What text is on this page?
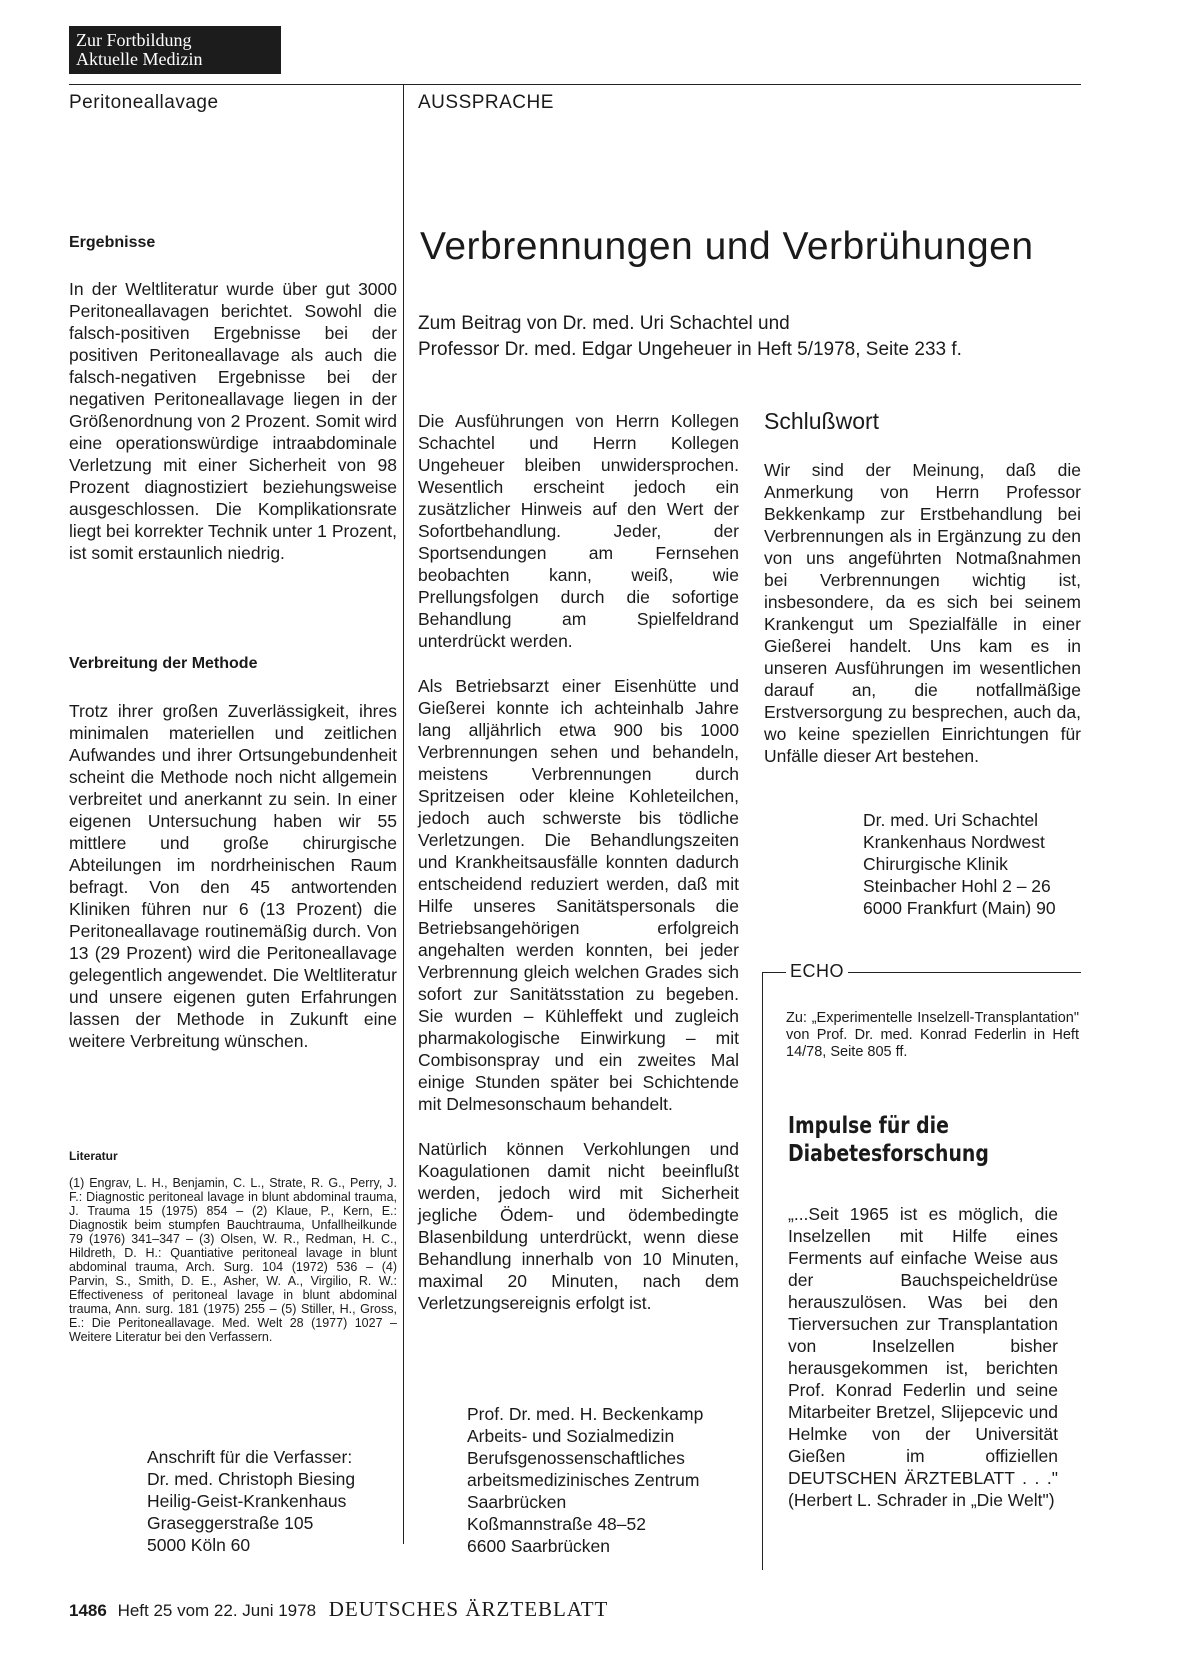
Zur Fortbildung
Aktuelle Medizin
Peritoneallavage	AUSSPRACHE
Ergebnisse

In der Weltliteratur wurde über gut 3000 Peritoneallavagen berichtet. Sowohl die falsch-positiven Ergebnisse bei der positiven Peritoneallavage als auch die falsch-negativen Ergebnisse bei der negativen Peritoneallavage liegen in der Größenordnung von 2 Prozent. Somit wird eine operationswürdige intraabdominale Verletzung mit einer Sicherheit von 98 Prozent diagnostiziert beziehungsweise ausgeschlossen. Die Komplikationsrate liegt bei korrekter Technik unter 1 Prozent, ist somit erstaunlich niedrig.

Verbreitung der Methode

Trotz ihrer großen Zuverlässigkeit, ihres minimalen materiellen und zeitlichen Aufwandes und ihrer Ortsungebundenheit scheint die Methode noch nicht allgemein verbreitet und anerkannt zu sein. In einer eigenen Untersuchung haben wir 55 mittlere und große chirurgische Abteilungen im nordrheinischen Raum befragt. Von den 45 antwortenden Kliniken führen nur 6 (13 Prozent) die Peritoneallavage routinemäßig durch. Von 13 (29 Prozent) wird die Peritoneallavage gelegentlich angewendet. Die Weltliteratur und unsere eigenen guten Erfahrungen lassen der Methode in Zukunft eine weitere Verbreitung wünschen.

Literatur

(1) Engrav, L. H., Benjamin, C. L., Strate, R. G., Perry, J. F.: Diagnostic peritoneal lavage in blunt abdominal trauma, J. Trauma 15 (1975) 854 – (2) Klaue, P., Kern, E.: Diagnostik beim stumpfen Bauchtrauma, Unfallheilkunde 79 (1976) 341–347 – (3) Olsen, W. R., Redman, H. C., Hildreth, D. H.: Quantiative peritoneal lavage in blunt abdominal trauma, Arch. Surg. 104 (1972) 536 – (4) Parvin, S., Smith, D. E., Asher, W. A., Virgilio, R. W.: Effectiveness of peritoneal lavage in blunt abdominal trauma, Ann. surg. 181 (1975) 255 – (5) Stiller, H., Gross, E.: Die Peritoneallavage. Med. Welt 28 (1977) 1027 – Weitere Literatur bei den Verfassern.

Anschrift für die Verfasser:
Dr. med. Christoph Biesing
Heilig-Geist-Krankenhaus
Graseggerstraße 105
5000 Köln 60
Verbrennungen und Verbrühungen
Zum Beitrag von Dr. med. Uri Schachtel und
Professor Dr. med. Edgar Ungeheuer in Heft 5/1978, Seite 233 f.

Die Ausführungen von Herrn Kollegen Schachtel und Herrn Kollegen Ungeheuer bleiben unwidersprochen. Wesentlich erscheint jedoch ein zusätzlicher Hinweis auf den Wert der Sofortbehandlung. Jeder, der Sportsendungen am Fernsehen beobachten kann, weiß, wie Prellungsfolgen durch die sofortige Behandlung am Spielfeldrand unterdrückt werden.

Als Betriebsarzt einer Eisenhütte und Gießerei konnte ich achteinhalb Jahre lang alljährlich etwa 900 bis 1000 Verbrennungen sehen und behandeln, meistens Verbrennungen durch Spritzeisen oder kleine Kohleteilchen, jedoch auch schwerste bis tödliche Verletzungen. Die Behandlungszeiten und Krankheitsausfälle konnten dadurch entscheidend reduziert werden, daß mit Hilfe unseres Sanitätspersonals die Betriebsangehörigen erfolgreich angehalten werden konnten, bei jeder Verbrennung gleich welchen Grades sich sofort zur Sanitätsstation zu begeben. Sie wurden – Kühleffekt und zugleich pharmakologische Einwirkung – mit Combisonspray und ein zweites Mal einige Stunden später bei Schichtende mit Delmesonschaum behandelt.

Natürlich können Verkohlungen und Koagulationen damit nicht beeinflußt werden, jedoch wird mit Sicherheit jegliche Ödem- und ödembedingte Blasenbildung unterdrückt, wenn diese Behandlung innerhalb von 10 Minuten, maximal 20 Minuten, nach dem Verletzungsereignis erfolgt ist.

Prof. Dr. med. H. Beckenkamp
Arbeits- und Sozialmedizin
Berufsgenossenschaftliches
arbeitsmedizinisches Zentrum
Saarbrücken
Koßmannstraße 48–52
6600 Saarbrücken
Schlußwort

Wir sind der Meinung, daß die Anmerkung von Herrn Professor Bekkenkamp zur Erstbehandlung bei Verbrennungen als in Ergänzung zu den von uns angeführten Notmaßnahmen bei Verbrennungen wichtig ist, insbesondere, da es sich bei seinem Krankengut um Spezialfälle in einer Gießerei handelt. Uns kam es in unseren Ausführungen im wesentlichen darauf an, die notfallmäßige Erstversorgung zu besprechen, auch da, wo keine speziellen Einrichtungen für Unfälle dieser Art bestehen.

Dr. med. Uri Schachtel
Krankenhaus Nordwest
Chirurgische Klinik
Steinbacher Hohl 2 – 26
6000 Frankfurt (Main) 90
ECHO

Zu: „Experimentelle Inselzell-Transplantation" von Prof. Dr. med. Konrad Federlin in Heft 14/78, Seite 805 ff.

Impulse für die
Diabetesforschung

„...Seit 1965 ist es möglich, die Inselzellen mit Hilfe eines Ferments auf einfache Weise aus der Bauchspeicheldrüse herauszulösen. Was bei den Tierversuchen zur Transplantation von Inselzellen bisher herausgekommen ist, berichten Prof. Konrad Federlin und seine Mitarbeiter Bretzel, Slijepcevic und Helmke von der Universität Gießen im offiziellen DEUTSCHEN ÄRZTEBLATT . . ." (Herbert L. Schrader in „Die Welt")

1486 Heft 25 vom 22. Juni 1978 DEUTSCHES ÄRZTEBLATT
